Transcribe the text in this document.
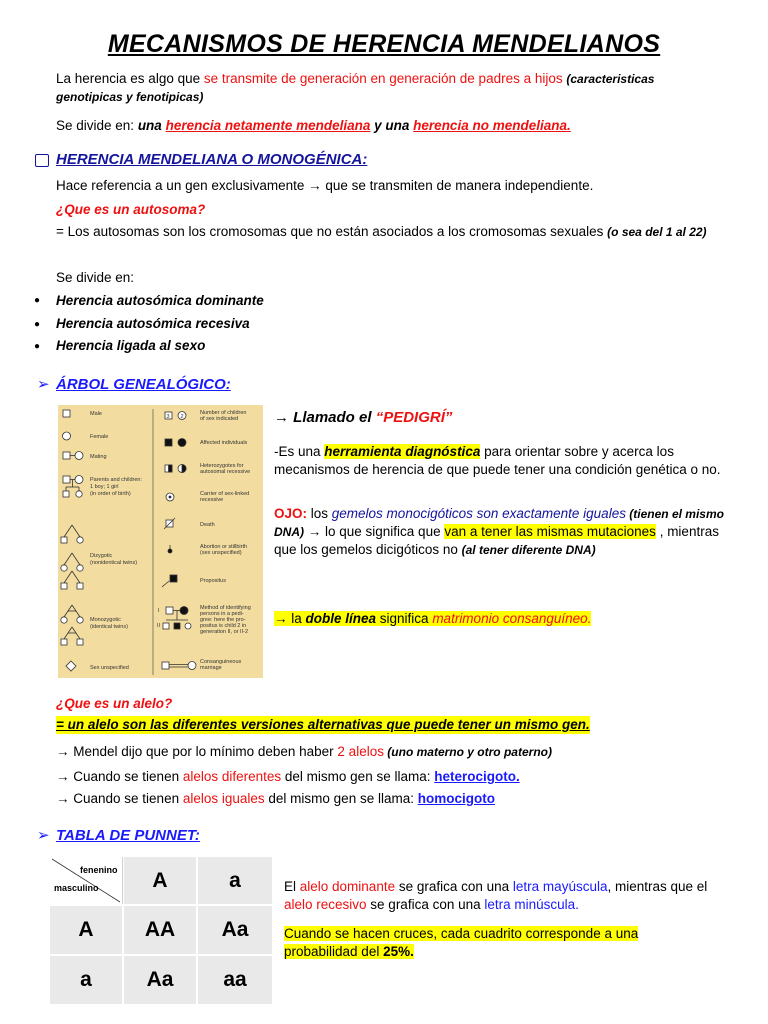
MECANISMOS DE HERENCIA MENDELIANOS
La herencia es algo que se transmite de generación en generación de padres a hijos (caracteristicas genotipicas y fenotipicas)
Se divide en: una herencia netamente mendeliana y una herencia no mendeliana.
HERENCIA MENDELIANA O MONOGÉNICA:
Hace referencia a un gen exclusivamente → que se transmiten de manera independiente.
¿Que es un autosoma?
= Los autosomas son los cromosomas que no están asociados a los cromosomas sexuales (o sea del 1 al 22)
Se divide en:
● Herencia autosómica dominante
● Herencia autosómica recesiva
● Herencia ligada al sexo
➢ ÁRBOL GENEALÓGICO:
Male
Female
Mating
Parents and children:
1 boy; 1 girl
(in order of birth)
Dizygotic
(nonidentical twins)
Monozygotic
(identical twins)
Sex unspecified
3 2
I
II
Number of children
of sex indicated
Affected individuals
Heterozygotes for
autosomal recessive
Carrier of sex-linked
recessive
Death
Abortion or stillbirth
(sex unspecified)
Propositus
Method of identifying
persons in a pedi-
gree: here the pro-
positus is child 2 in
generation II, or II-2
Consanguineous
marriage
→ Llamado el “PEDIGRÍ”
-Es una herramienta diagnóstica para orientar sobre y acerca los mecanismos de herencia de que puede tener una condición genética o no.
OJO: los gemelos monocigóticos son exactamente iguales (tienen el mismo DNA) → lo que significa que van a tener las mismas mutaciones , mientras que los gemelos dicigóticos no (al tener diferente DNA)
→ la doble línea significa matrimonio consanguíneo.
¿Que es un alelo?
= un alelo son las diferentes versiones alternativas que puede tener un mismo gen.
→ Mendel dijo que por lo mínimo deben haber 2 alelos (uno materno y otro paterno)
→ Cuando se tienen alelos diferentes del mismo gen se llama: heterocigoto.
→ Cuando se tienen alelos iguales del mismo gen se llama: homocigoto
➢ TABLA DE PUNNET:
fenenino
masculino	A	a
A	AA	Aa
a	Aa	aa
El alelo dominante se grafica con una letra mayúscula, mientras que el alelo recesivo se grafica con una letra minúscula.
Cuando se hacen cruces, cada cuadrito corresponde a una probabilidad del 25%.
